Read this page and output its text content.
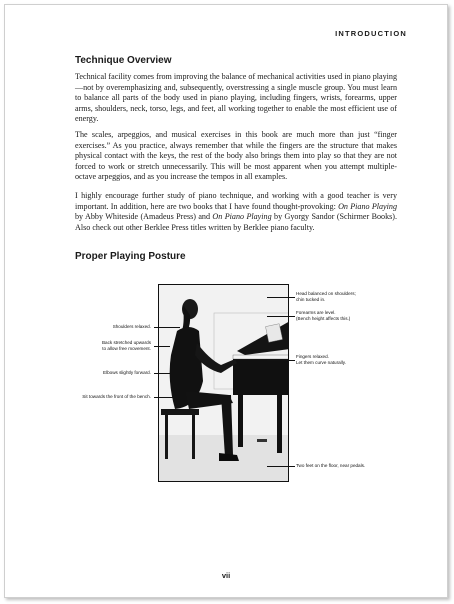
INTRODUCTION
Technique Overview

Technical facility comes from improving the balance of mechanical activities used in piano playing—not by overemphasizing and, subsequently, overstressing a single muscle group. You must learn to balance all parts of the body used in piano playing, including fingers, wrists, forearms, upper arms, shoulders, neck, torso, legs, and feet, all working together to enable the most efficient use of energy.

The scales, arpeggios, and musical exercises in this book are much more than just “finger exercises.” As you practice, always remember that while the fingers are the structure that makes physical contact with the keys, the rest of the body also brings them into play so that they are not forced to work or stretch unnecessarily. This will be most apparent when you attempt multiple-octave arpeggios, and as you increase the tempos in all examples.

I highly encourage further study of piano technique, and working with a good teacher is very important. In addition, here are two books that I have found thought-provoking: On Piano Playing by Abby Whiteside (Amadeus Press) and On Piano Playing by Gyorgy Sandor (Schirmer Books). Also check out other Berklee Press titles written by Berklee piano faculty.

Proper Playing Posture
Head balanced on shoulders;
chin tucked in.
Forearms are level.
(Bench height affects this.)
Fingers relaxed.
Let them curve naturally.
Two feet on the floor, near pedals.
Shoulders relaxed.
Back stretched upwards
to allow free movement.
Elbows slightly forward.
Sit towards the front of the bench.
vii
